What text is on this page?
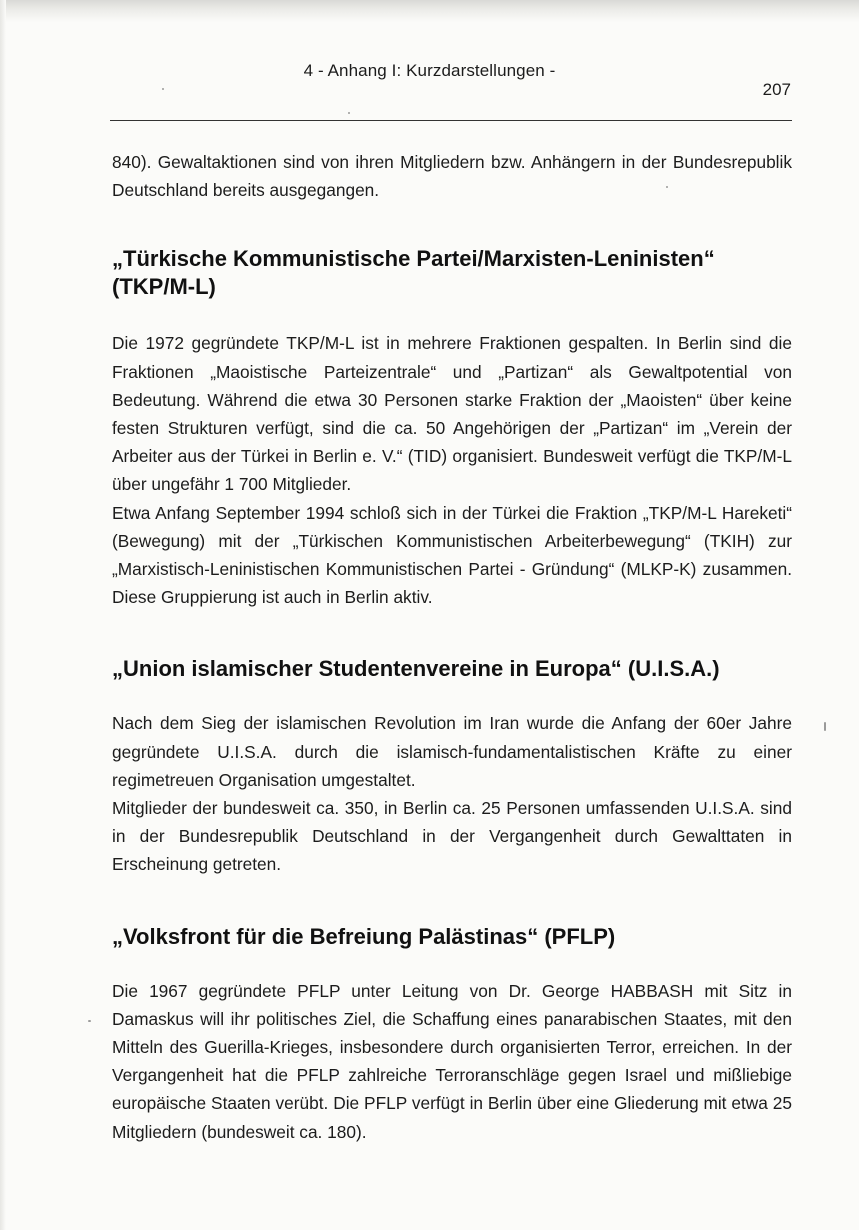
4 - Anhang I: Kurzdarstellungen -
207

840). Gewaltaktionen sind von ihren Mitgliedern bzw. Anhängern in der Bundesrepublik Deutschland bereits ausgegangen.

„Türkische Kommunistische Partei/Marxisten-Leninisten“
(TKP/M-L)

Die 1972 gegründete TKP/M-L ist in mehrere Fraktionen gespalten. In Berlin sind die Fraktionen „Maoistische Parteizentrale“ und „Partizan“ als Gewaltpotential von Bedeutung. Während die etwa 30 Personen starke Fraktion der „Maoisten“ über keine festen Strukturen verfügt, sind die ca. 50 Angehörigen der „Partizan“ im „Verein der Arbeiter aus der Türkei in Berlin e. V.“ (TID) organisiert. Bundesweit verfügt die TKP/M-L über ungefähr 1 700 Mitglieder.

Etwa Anfang September 1994 schloß sich in der Türkei die Fraktion „TKP/M-L Hareketi“ (Bewegung) mit der „Türkischen Kommunistischen Arbeiterbewegung“ (TKIH) zur „Marxistisch-Leninistischen Kommunistischen Partei - Gründung“ (MLKP-K) zusammen. Diese Gruppierung ist auch in Berlin aktiv.

„Union islamischer Studentenvereine in Europa“ (U.I.S.A.)

Nach dem Sieg der islamischen Revolution im Iran wurde die Anfang der 60er Jahre gegründete U.I.S.A. durch die islamisch-fundamentalistischen Kräfte zu einer regimetreuen Organisation umgestaltet.

Mitglieder der bundesweit ca. 350, in Berlin ca. 25 Personen umfassenden U.I.S.A. sind in der Bundesrepublik Deutschland in der Vergangenheit durch Gewalttaten in Erscheinung getreten.

„Volksfront für die Befreiung Palästinas“ (PFLP)

Die 1967 gegründete PFLP unter Leitung von Dr. George HABBASH mit Sitz in Damaskus will ihr politisches Ziel, die Schaffung eines panarabischen Staates, mit den Mitteln des Guerilla-Krieges, insbesondere durch organisierten Terror, erreichen. In der Vergangenheit hat die PFLP zahlreiche Terroranschläge gegen Israel und mißliebige europäische Staaten verübt. Die PFLP verfügt in Berlin über eine Gliederung mit etwa 25 Mitgliedern (bundesweit ca. 180).
